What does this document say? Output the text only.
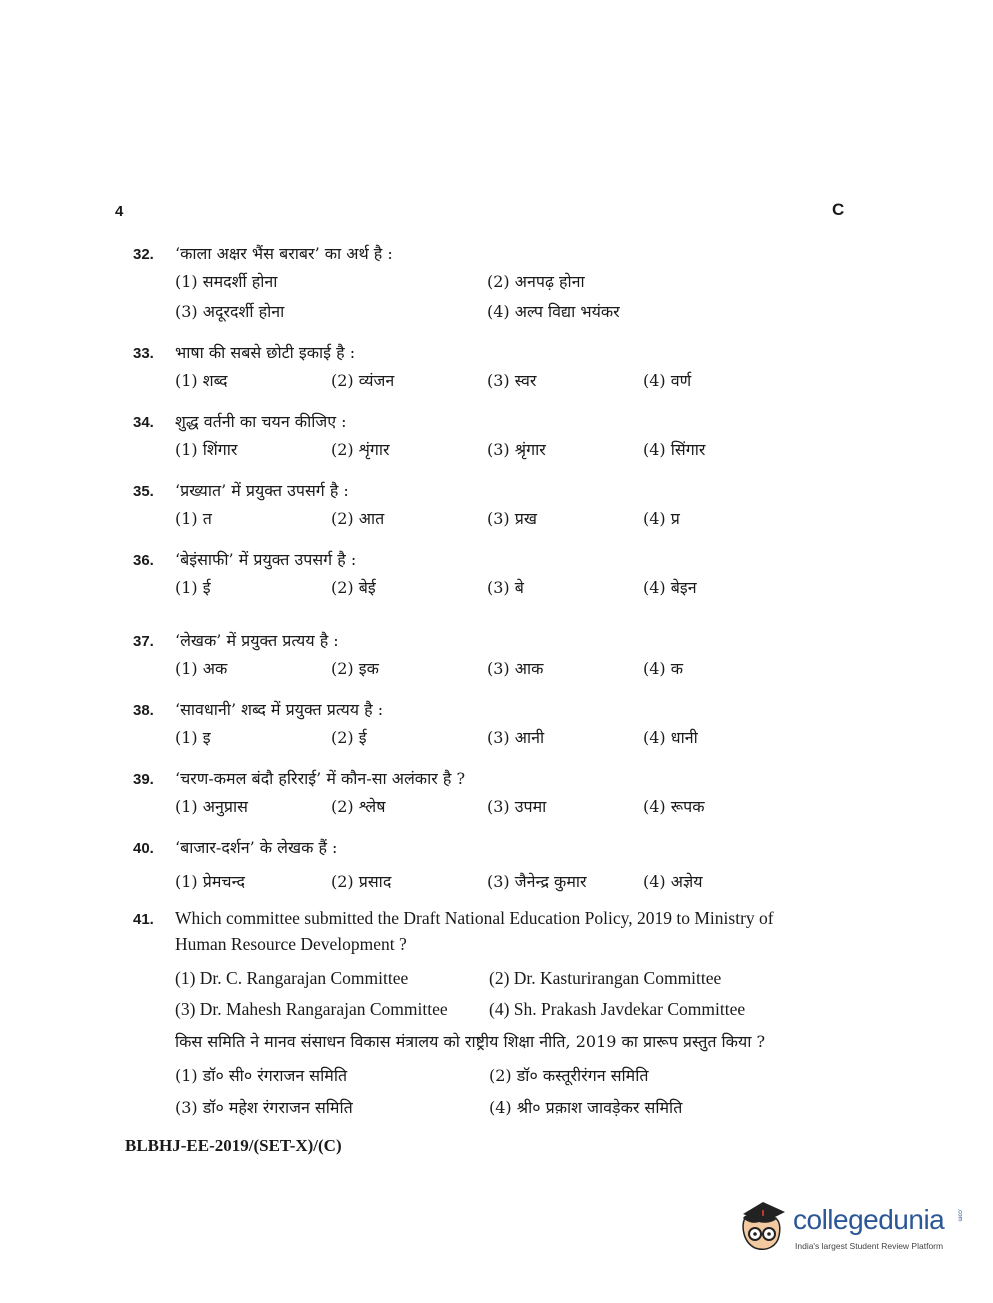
4	C
32.	‘काला अक्षर भैंस बराबर’ का अर्थ है :
(1) समदर्शी होना	(2) अनपढ़ होना
(3) अदूरदर्शी होना	(4) अल्प विद्या भयंकर
33.	भाषा की सबसे छोटी इकाई है :
(1) शब्द	(2) व्यंजन	(3) स्वर	(4) वर्ण
34.	शुद्ध वर्तनी का चयन कीजिए :
(1) शिंगार	(2) शृंगार	(3) श्रृंगार	(4) सिंगार
35.	‘प्रख्यात’ में प्रयुक्त उपसर्ग है :
(1) त	(2) आत	(3) प्रख	(4) प्र
36.	‘बेइंसाफी’ में प्रयुक्त उपसर्ग है :
(1) ई	(2) बेई	(3) बे	(4) बेइन
37.	‘लेखक’ में प्रयुक्त प्रत्यय है :
(1) अक	(2) इक	(3) आक	(4) क
38.	‘सावधानी’ शब्द में प्रयुक्त प्रत्यय है :
(1) इ	(2) ई	(3) आनी	(4) धानी
39.	‘चरण-कमल बंदौ हरिराई’ में कौन-सा अलंकार है ?
(1) अनुप्रास	(2) श्लेष	(3) उपमा	(4) रूपक
40.	‘बाजार-दर्शन’ के लेखक हैं :
(1) प्रेमचन्द	(2) प्रसाद	(3) जैनेन्द्र कुमार	(4) अज्ञेय
41.	Which committee submitted the Draft National Education Policy, 2019 to Ministry of
Human Resource Development ?
(1) Dr. C. Rangarajan Committee	(2) Dr. Kasturirangan Committee
(3) Dr. Mahesh Rangarajan Committee (4) Sh. Prakash Javdekar Committee
किस समिति ने मानव संसाधन विकास मंत्रालय को राष्ट्रीय शिक्षा नीति, 2019 का प्रारूप प्रस्तुत किया ?
(1) डॉ० सी० रंगराजन समिति	(2) डॉ० कस्तूरीरंगन समिति
(3) डॉ० महेश रंगराजन समिति	(4) श्री० प्रक़ाश जावड़ेकर समिति
BLBHJ-EE-2019/(SET-X)/(C)
collegedunia .com
India's largest Student Review Platform
